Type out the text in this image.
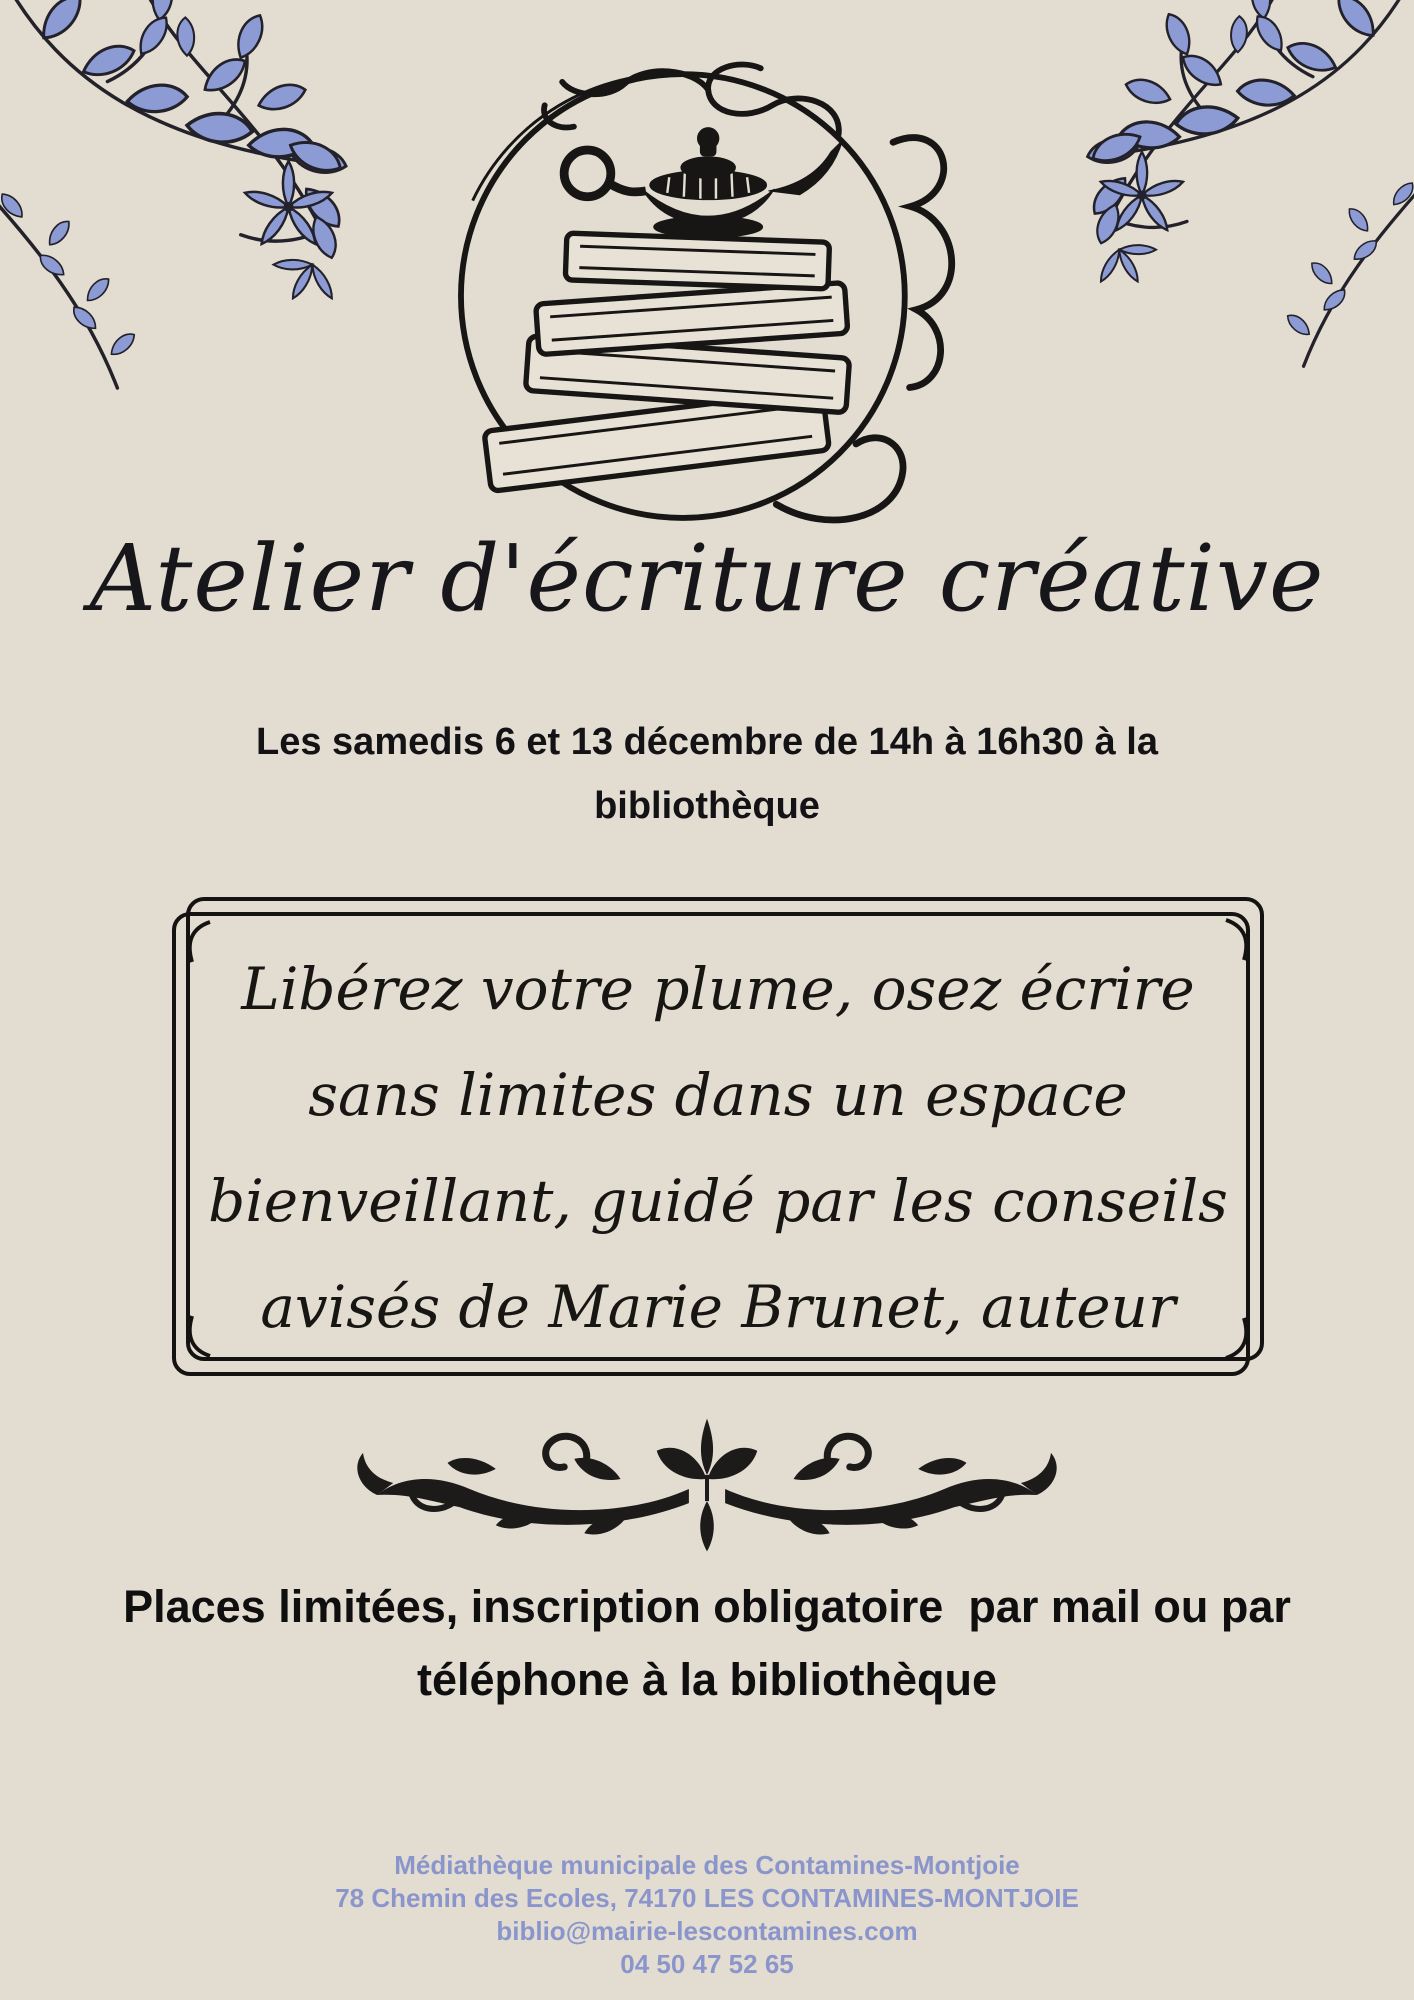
Atelier d'écriture créative
Les samedis 6 et 13 décembre de 14h à 16h30 à la
bibliothèque
Libérez votre plume, osez écrire
sans limites dans un espace
bienveillant, guidé par les conseils
avisés de Marie Brunet, auteur
Places limitées, inscription obligatoire  par mail ou par
téléphone à la bibliothèque
Médiathèque municipale des Contamines-Montjoie
78 Chemin des Ecoles, 74170 LES CONTAMINES-MONTJOIE
biblio@mairie-lescontamines.com
04 50 47 52 65
